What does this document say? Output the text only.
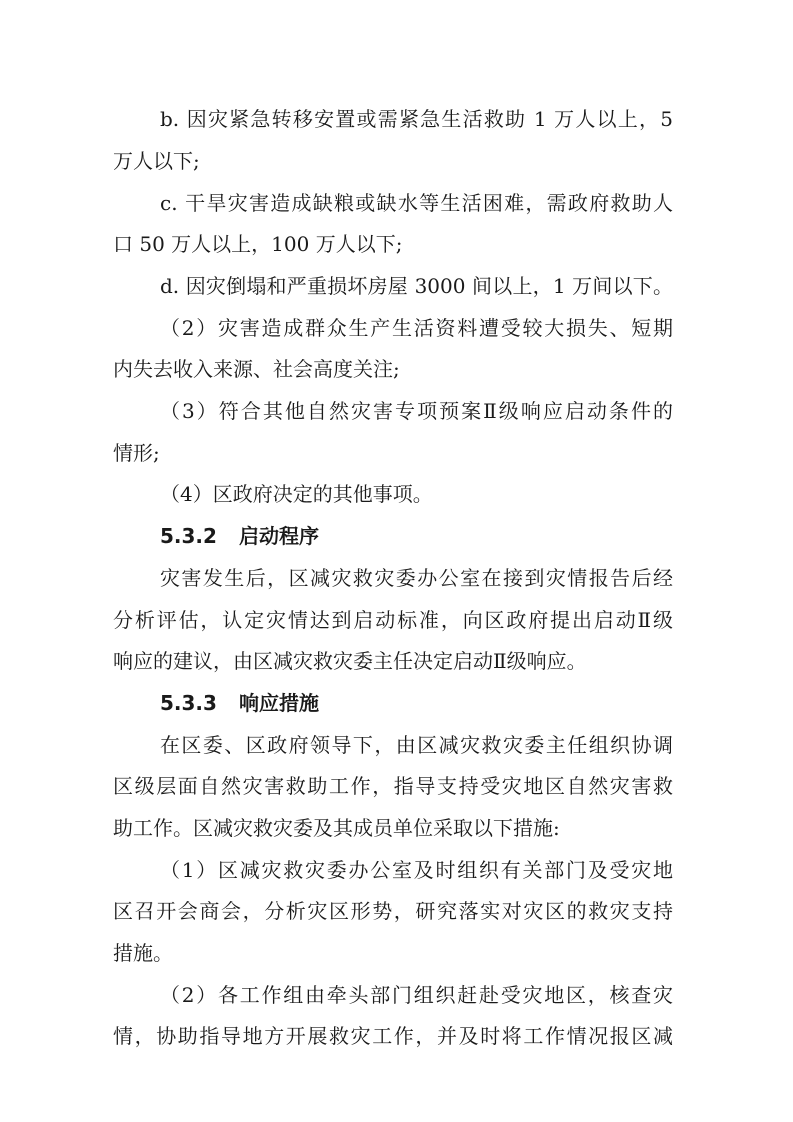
b. 因灾紧急转移安置或需紧急生活救助 1 万人以上，5

万人以下;

c. 干旱灾害造成缺粮或缺水等生活困难，需政府救助人

口 50 万人以上，100 万人以下;

d. 因灾倒塌和严重损坏房屋 3000 间以上，1 万间以下。

（2）灾害造成群众生产生活资料遭受较大损失、短期

内失去收入来源、社会高度关注;

（3）符合其他自然灾害专项预案Ⅱ级响应启动条件的

情形;

（4）区政府决定的其他事项。

5.3.2 启动程序

灾害发生后，区减灾救灾委办公室在接到灾情报告后经

分析评估，认定灾情达到启动标准，向区政府提出启动Ⅱ级

响应的建议，由区减灾救灾委主任决定启动Ⅱ级响应。

5.3.3 响应措施

在区委、区政府领导下，由区减灾救灾委主任组织协调

区级层面自然灾害救助工作，指导支持受灾地区自然灾害救

助工作。区减灾救灾委及其成员单位采取以下措施:

（1）区减灾救灾委办公室及时组织有关部门及受灾地

区召开会商会，分析灾区形势，研究落实对灾区的救灾支持

措施。

（2）各工作组由牵头部门组织赶赴受灾地区，核查灾

情，协助指导地方开展救灾工作，并及时将工作情况报区减
